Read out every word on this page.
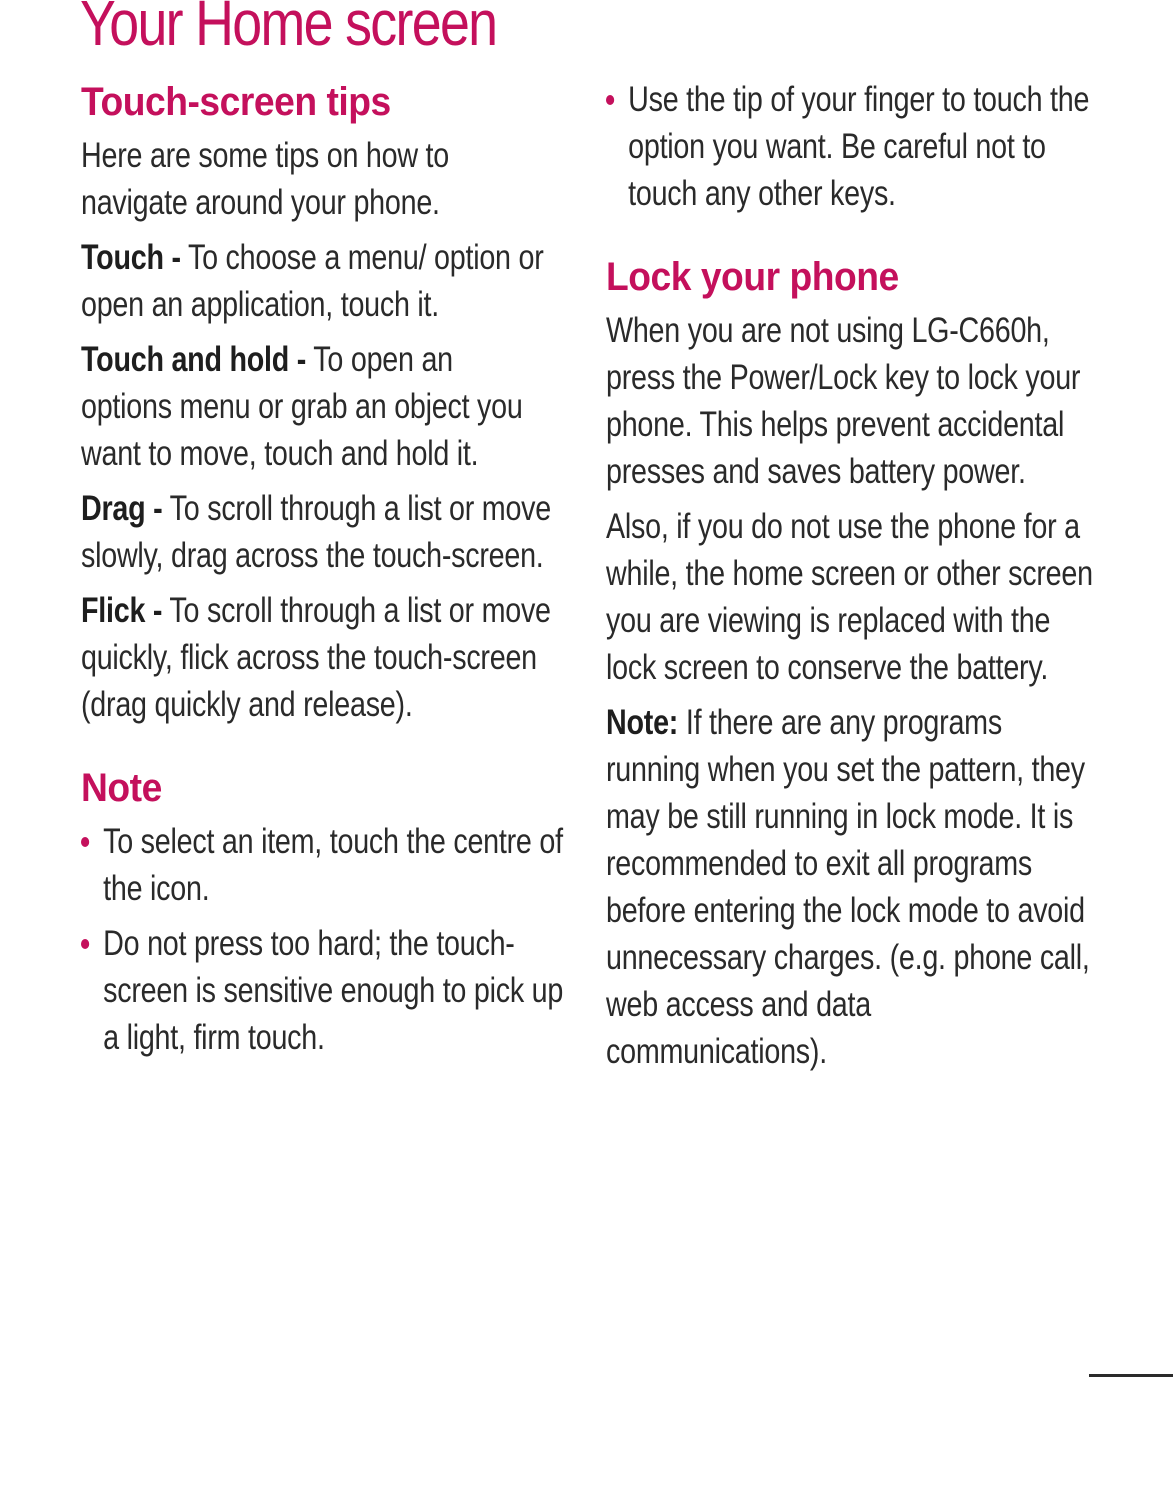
Your Home screen
Touch-screen tips

Here are some tips on how to navigate around your phone.

Touch - To choose a menu/ option or open an application, touch it.

Touch and hold - To open an options menu or grab an object you want to move, touch and hold it.

Drag - To scroll through a list or move slowly, drag across the touch-screen.

Flick - To scroll through a list or move quickly, flick across the touch-screen (drag quickly and release).

Note
To select an item, touch the centre of the icon.
Do not press too hard; the touch-screen is sensitive enough to pick up a light, firm touch.
Use the tip of your finger to touch the option you want. Be careful not to touch any other keys.
Lock your phone

When you are not using LG-C660h, press the Power/Lock key to lock your phone. This helps prevent accidental presses and saves battery power.

Also, if you do not use the phone for a while, the home screen or other screen you are viewing is replaced with the lock screen to conserve the battery.

Note: If there are any programs running when you set the pattern, they may be still running in lock mode. It is recommended to exit all programs before entering the lock mode to avoid unnecessary charges. (e.g. phone call, web access and data communications).
